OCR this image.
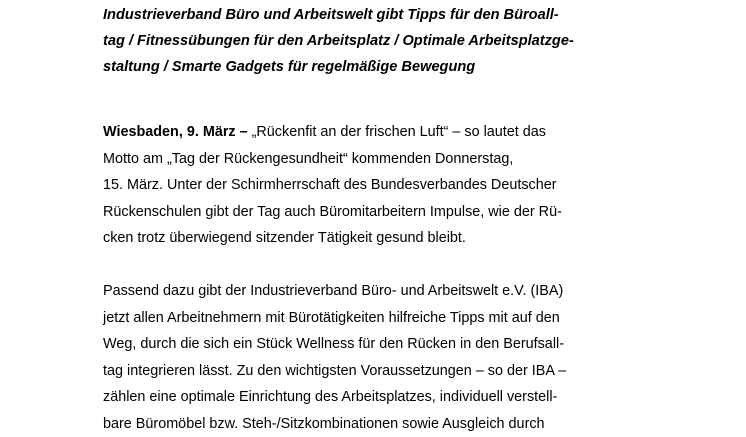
Industrieverband Büro und Arbeitswelt gibt Tipps für den Büroall-
tag / Fitnessübungen für den Arbeitsplatz / Optimale Arbeitsplatzge-
staltung / Smarte Gadgets für regelmäßige Bewegung
Wiesbaden, 9. März – „Rückenfit an der frischen Luft“ – so lautet das
Motto am „Tag der Rückengesundheit“ kommenden Donnerstag,
15. März. Unter der Schirmherrschaft des Bundesverbandes Deutscher
Rückenschulen gibt der Tag auch Büromitarbeitern Impulse, wie der Rü-
cken trotz überwiegend sitzender Tätigkeit gesund bleibt.
Passend dazu gibt der Industrieverband Büro- und Arbeitswelt e.V. (IBA)
jetzt allen Arbeitnehmern mit Bürotätigkeiten hilfreiche Tipps mit auf den
Weg, durch die sich ein Stück Wellness für den Rücken in den Berufsall-
tag integrieren lässt. Zu den wichtigsten Voraussetzungen – so der IBA –
zählen eine optimale Einrichtung des Arbeitsplatzes, individuell verstell-
bare Büromöbel bzw. Steh-/Sitzkombinationen sowie Ausgleich durch
